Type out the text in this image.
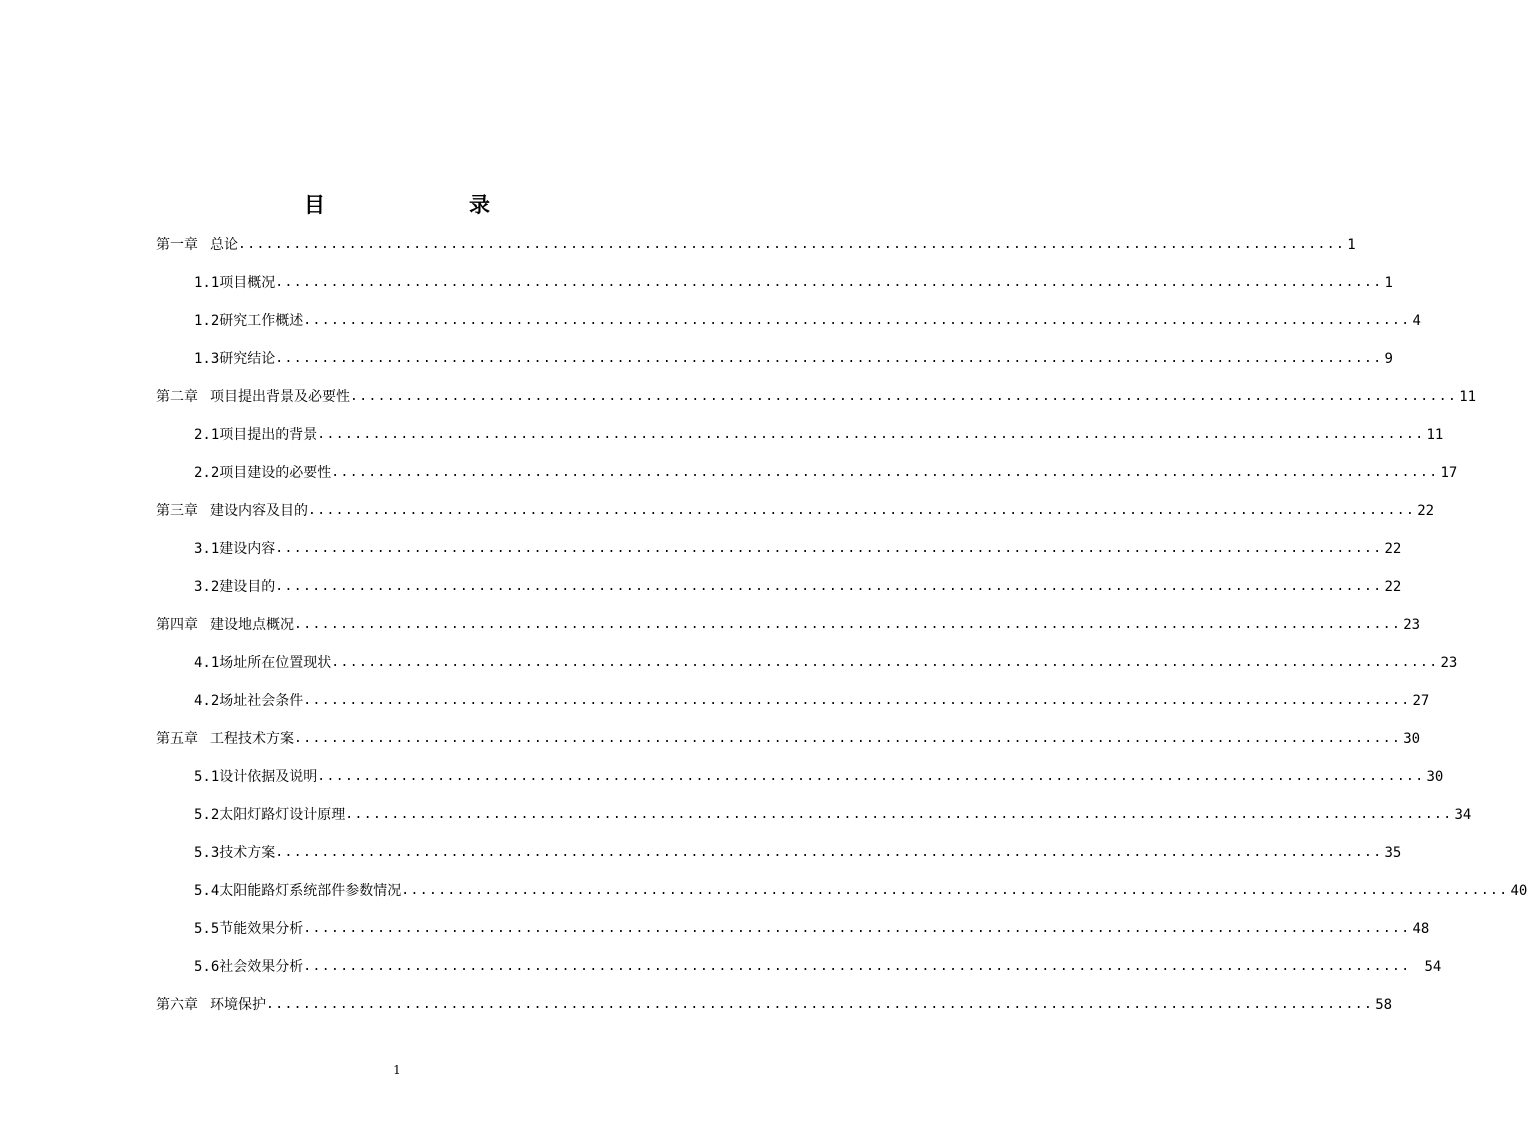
目　　录
第一章 总论 ........................................................................................................................ 1
1.1 项目概况 ........................................................................................................................ 1
1.2 研究工作概述 ........................................................................................................................ 4
1.3 研究结论 ........................................................................................................................ 9
第二章 项目提出背景及必要性 ........................................................................................................................ 11
2.1 项目提出的背景 ........................................................................................................................ 11
2.2 项目建设的必要性 ........................................................................................................................ 17
第三章 建设内容及目的 ........................................................................................................................ 22
3.1 建设内容 ........................................................................................................................ 22
3.2 建设目的 ........................................................................................................................ 22
第四章 建设地点概况 ........................................................................................................................ 23
4.1 场址所在位置现状 ........................................................................................................................ 23
4.2 场址社会条件 ........................................................................................................................ 27
第五章 工程技术方案 ........................................................................................................................ 30
5.1 设计依据及说明 ........................................................................................................................ 30
5.2 太阳灯路灯设计原理 ........................................................................................................................ 34
5.3 技术方案 ........................................................................................................................ 35
5.4 太阳能路灯系统部件参数情况 ........................................................................................................................ 40
5.5 节能效果分析 ........................................................................................................................ 48
5.6 社会效果分析 ........................................................................................................................	54
第六章 环境保护 ........................................................................................................................ 58
1
